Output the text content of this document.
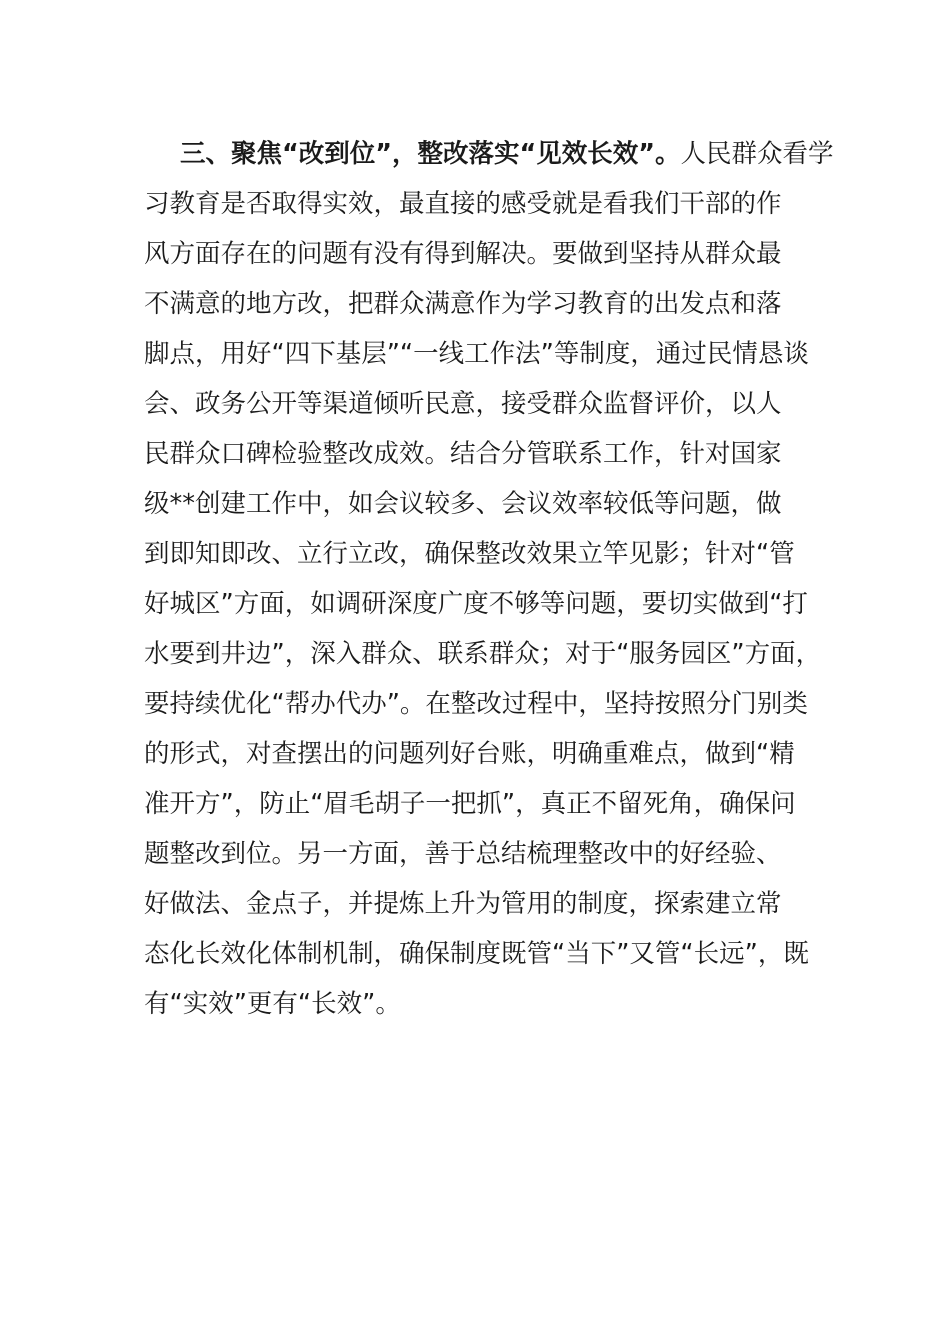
三、聚焦“改到位”，整改落实“见效长效”。人民群众看学
习教育是否取得实效，最直接的感受就是看我们干部的作
风方面存在的问题有没有得到解决。要做到坚持从群众最
不满意的地方改，把群众满意作为学习教育的出发点和落
脚点，用好“四下基层”“一线工作法”等制度，通过民情恳谈
会、政务公开等渠道倾听民意，接受群众监督评价，以人
民群众口碑检验整改成效。结合分管联系工作，针对国家
级**创建工作中，如会议较多、会议效率较低等问题，做
到即知即改、立行立改，确保整改效果立竿见影；针对“管
好城区”方面，如调研深度广度不够等问题，要切实做到“打
水要到井边”，深入群众、联系群众；对于“服务园区”方面，
要持续优化“帮办代办”。在整改过程中，坚持按照分门别类
的形式，对查摆出的问题列好台账，明确重难点，做到“精
准开方”，防止“眉毛胡子一把抓”，真正不留死角，确保问
题整改到位。另一方面，善于总结梳理整改中的好经验、
好做法、金点子，并提炼上升为管用的制度，探索建立常
态化长效化体制机制，确保制度既管“当下”又管“长远”，既
有“实效”更有“长效”。
